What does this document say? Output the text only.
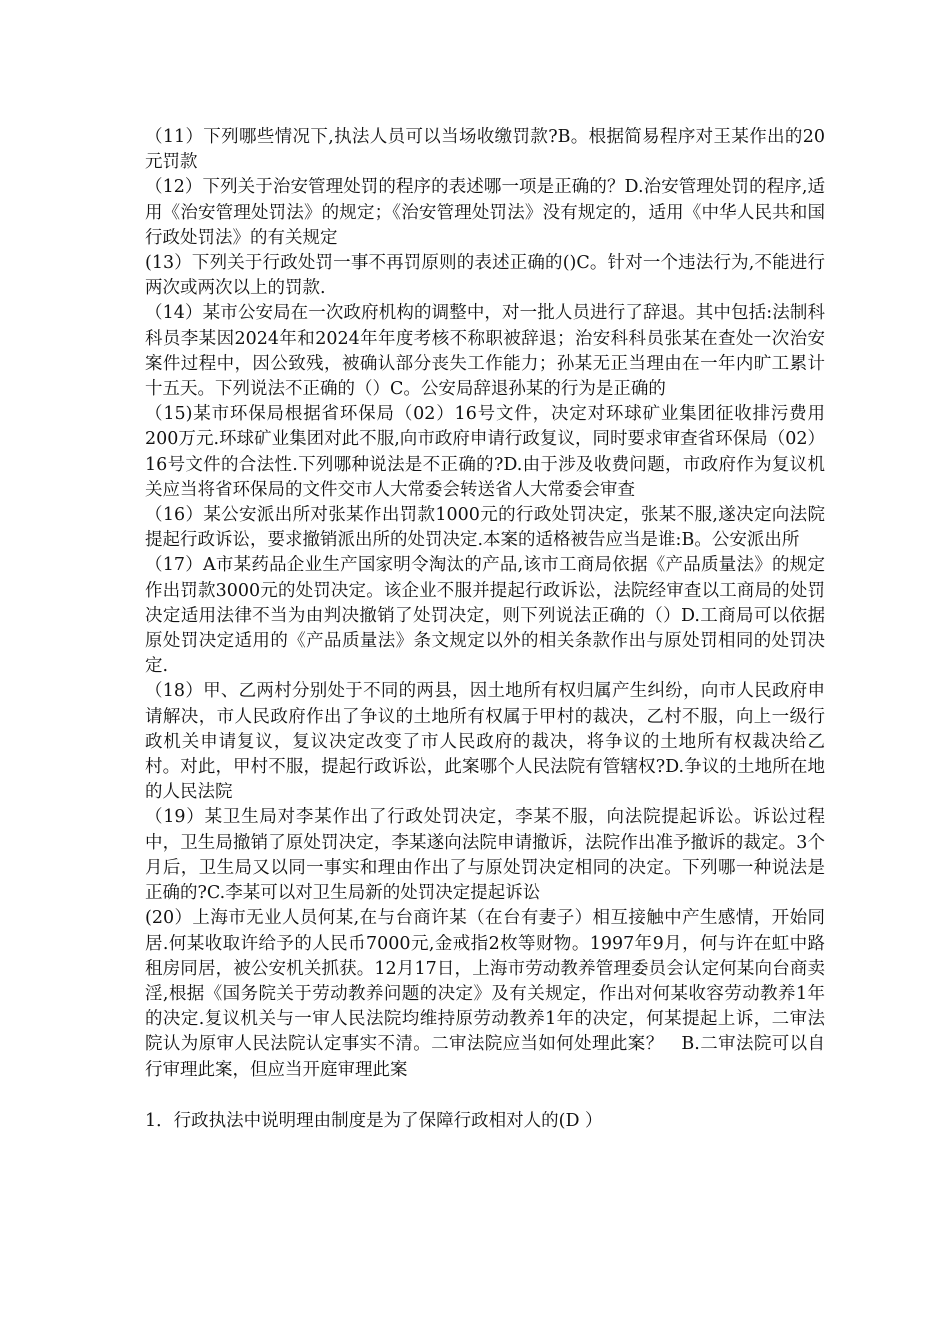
（11）下列哪些情况下,执法人员可以当场收缴罚款?B。根据简易程序对王某作出的20元罚款

（12）下列关于治安管理处罚的程序的表述哪一项是正确的？D.治安管理处罚的程序,适用《治安管理处罚法》的规定；《治安管理处罚法》没有规定的，适用《中华人民共和国行政处罚法》的有关规定

(13）下列关于行政处罚一事不再罚原则的表述正确的()C。针对一个违法行为,不能进行两次或两次以上的罚款.

（14）某市公安局在一次政府机构的调整中，对一批人员进行了辞退。其中包括:法制科科员李某因2024年和2024年年度考核不称职被辞退；治安科科员张某在查处一次治安案件过程中，因公致残，被确认部分丧失工作能力；孙某无正当理由在一年内旷工累计十五天。下列说法不正确的（）C。公安局辞退孙某的行为是正确的

（15)某市环保局根据省环保局（02）16号文件，决定对环球矿业集团征收排污费用200万元.环球矿业集团对此不服,向市政府申请行政复议，同时要求审查省环保局（02）16号文件的合法性.下列哪种说法是不正确的?D.由于涉及收费问题，市政府作为复议机关应当将省环保局的文件交市人大常委会转送省人大常委会审查

（16）某公安派出所对张某作出罚款1000元的行政处罚决定，张某不服,遂决定向法院提起行政诉讼，要求撤销派出所的处罚决定.本案的适格被告应当是谁:B。公安派出所

（17）A市某药品企业生产国家明令淘汰的产品,该市工商局依据《产品质量法》的规定作出罚款3000元的处罚决定。该企业不服并提起行政诉讼，法院经审查以工商局的处罚决定适用法律不当为由判决撤销了处罚决定，则下列说法正确的（）D.工商局可以依据原处罚决定适用的《产品质量法》条文规定以外的相关条款作出与原处罚相同的处罚决定.

（18）甲、乙两村分别处于不同的两县，因土地所有权归属产生纠纷，向市人民政府申请解决，市人民政府作出了争议的土地所有权属于甲村的裁决，乙村不服，向上一级行政机关申请复议，复议决定改变了市人民政府的裁决，将争议的土地所有权裁决给乙村。对此，甲村不服，提起行政诉讼，此案哪个人民法院有管辖权?D.争议的土地所在地的人民法院

（19）某卫生局对李某作出了行政处罚决定，李某不服，向法院提起诉讼。诉讼过程中，卫生局撤销了原处罚决定，李某遂向法院申请撤诉，法院作出准予撤诉的裁定。3个月后，卫生局又以同一事实和理由作出了与原处罚决定相同的决定。下列哪一种说法是正确的?C.李某可以对卫生局新的处罚决定提起诉讼

(20）上海市无业人员何某,在与台商许某（在台有妻子）相互接触中产生感情，开始同居.何某收取许给予的人民币7000元,金戒指2枚等财物。1997年9月，何与许在虹中路租房同居，被公安机关抓获。12月17日，上海市劳动教养管理委员会认定何某向台商卖淫,根据《国务院关于劳动教养问题的决定》及有关规定，作出对何某收容劳动教养1年的决定.复议机关与一审人民法院均维持原劳动教养1年的决定，何某提起上诉，二审法院认为原审人民法院认定事实不清。二审法院应当如何处理此案？   B.二审法院可以自行审理此案，但应当开庭审理此案

1．行政执法中说明理由制度是为了保障行政相对人的(D ）
